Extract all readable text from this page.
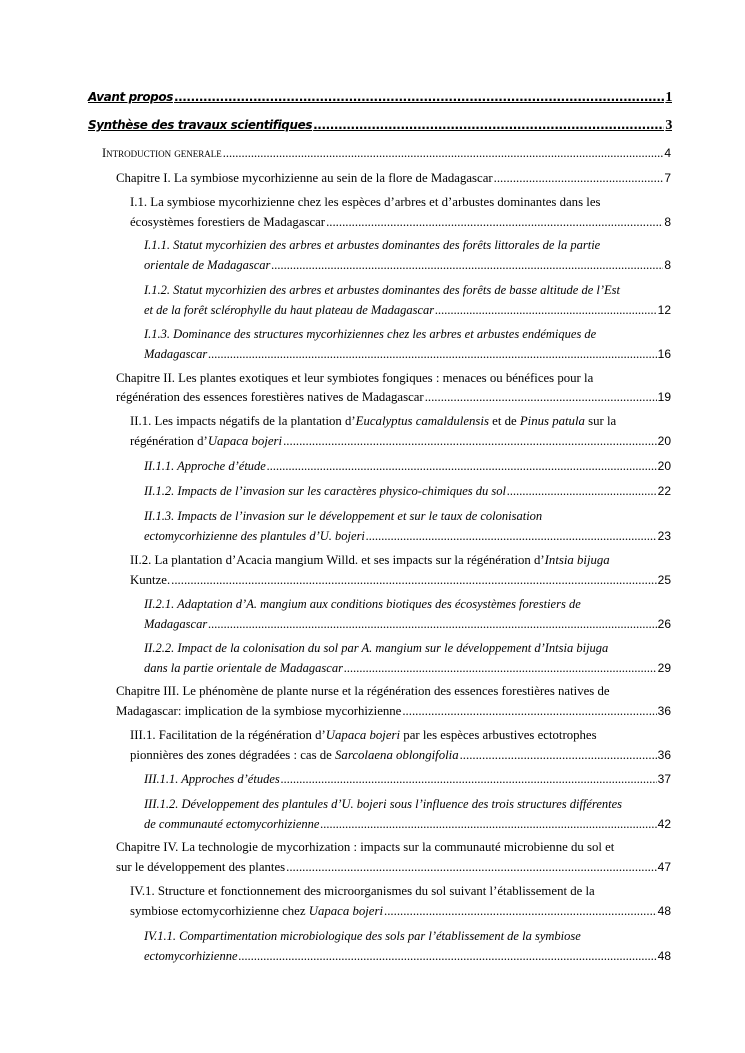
Avant propos .....	1
Synthèse des travaux scientifiques .....	3
Introduction generale .....	4
Chapitre I. La symbiose mycorhizienne au sein de la flore de Madagascar .....	7
I.1. La symbiose mycorhizienne chez les espèces d’arbres et d’arbustes dominantes dans les
écosystèmes forestiers de Madagascar .....	8
I.1.1. Statut mycorhizien des arbres et arbustes dominantes des forêts littorales de la partie
orientale de Madagascar .....	8
I.1.2. Statut mycorhizien des arbres et arbustes dominantes des forêts de basse altitude de l’Est
et de la forêt sclérophylle du haut plateau de Madagascar .....	12
I.1.3. Dominance des structures mycorhiziennes chez les arbres et arbustes endémiques de
Madagascar .....	16
Chapitre II. Les plantes exotiques et leur symbiotes fongiques : menaces ou bénéfices pour la
régénération des essences forestières natives de Madagascar .....	19
II.1. Les impacts négatifs de la plantation d’Eucalyptus camaldulensis et de Pinus patula sur la
régénération d’Uapaca bojeri .....	20
II.1.1. Approche d’étude .....	20
II.1.2. Impacts de l’invasion sur les caractères physico-chimiques du sol .....	22
II.1.3. Impacts de l’invasion sur le développement et sur le taux de colonisation
ectomycorhizienne des plantules d’U. bojeri .....	23
II.2. La plantation d’Acacia mangium Willd. et ses impacts sur la régénération d’Intsia bijuga
Kuntze. .....	25
II.2.1. Adaptation d’A. mangium aux conditions biotiques des écosystèmes forestiers de
Madagascar .....	26
II.2.2. Impact de la colonisation du sol par A. mangium sur le développement d’Intsia bijuga
dans la partie orientale de Madagascar .....	29
Chapitre III. Le phénomène de plante nurse et la régénération des essences forestières natives de
Madagascar: implication de la symbiose mycorhizienne .....	36
III.1. Facilitation de la régénération d’Uapaca bojeri par les espèces arbustives ectotrophes
pionnières des zones dégradées : cas de Sarcolaena oblongifolia .....	36
III.1.1. Approches d’études .....	37
III.1.2. Développement des plantules d’U. bojeri sous l’influence des trois structures différentes
de communauté ectomycorhizienne .....	42
Chapitre IV. La technologie de mycorhization : impacts sur la communauté microbienne du sol et
sur le développement des plantes .....	47
IV.1. Structure et fonctionnement des microorganismes du sol suivant l’établissement de la
symbiose ectomycorhizienne chez Uapaca bojeri .....	48
IV.1.1. Compartimentation microbiologique des sols par l’établissement de la symbiose
ectomycorhizienne .....	48
